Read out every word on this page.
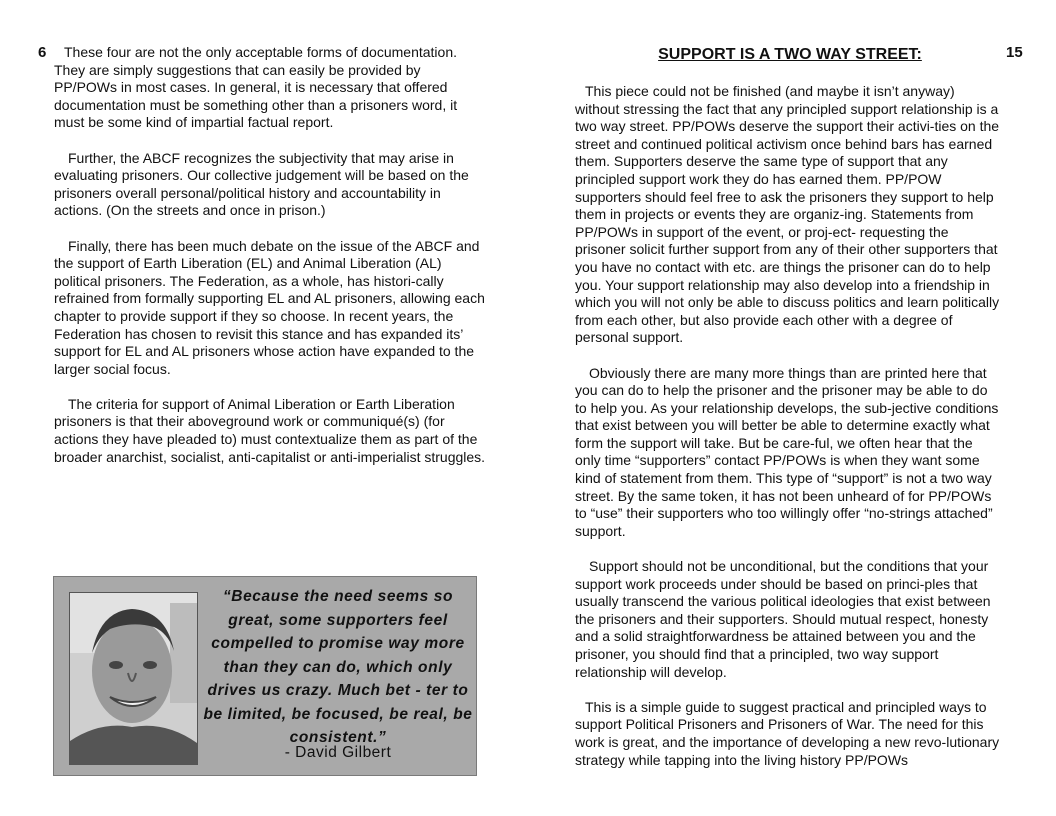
6	These four are not the only acceptable forms of documentation. They are simply suggestions that can easily be provided by PP/POWs in most cases. In general, it is necessary that offered documentation must be something other than a prisoners word, it must be some kind of impartial factual report.

Further, the ABCF recognizes the subjectivity that may arise in evaluating prisoners. Our collective judgement will be based on the prisoners overall personal/political history and accountability in actions. (On the streets and once in prison.)

Finally, there has been much debate on the issue of the ABCF and the support of Earth Liberation (EL) and Animal Liberation (AL) political prisoners. The Federation, as a whole, has histori-cally refrained from formally supporting EL and AL prisoners, allowing each chapter to provide support if they so choose. In recent years, the Federation has chosen to revisit this stance and has expanded its’ support for EL and AL prisoners whose action have expanded to the larger social focus.

The criteria for support of Animal Liberation or Earth Liberation prisoners is that their aboveground work or communiqué(s) (for actions they have pleaded to) must contextualize them as part of the broader anarchist, socialist, anti-capitalist or anti-imperialist struggles.

“Because the need seems so great, some supporters feel compelled to promise way more than they can do, which only drives us crazy. Much bet - ter to be limited, be focused, be real, be consistent.”
- David Gilbert
SUPPORT IS A TWO WAY STREET:	15

This piece could not be finished (and maybe it isn’t anyway) without stressing the fact that any principled support relationship is a two way street. PP/POWs deserve the support their activi-ties on the street and continued political activism once behind bars has earned them. Supporters deserve the same type of support that any principled support work they do has earned them. PP/POW supporters should feel free to ask the prisoners they support to help them in projects or events they are organiz-ing. Statements from PP/POWs in support of the event, or proj-ect- requesting the prisoner solicit further support from any of their other supporters that you have no contact with etc. are things the prisoner can do to help you. Your support relationship may also develop into a friendship in which you will not only be able to discuss politics and learn politically from each other, but also provide each other with a degree of personal support.

Obviously there are many more things than are printed here that you can do to help the prisoner and the prisoner may be able to do to help you. As your relationship develops, the sub-jective conditions that exist between you will better be able to determine exactly what form the support will take. But be care-ful, we often hear that the only time “supporters” contact PP/POWs is when they want some kind of statement from them. This type of “support” is not a two way street. By the same token, it has not been unheard of for PP/POWs to “use” their supporters who too willingly offer “no-strings attached” support.

Support should not be unconditional, but the conditions that your support work proceeds under should be based on princi-ples that usually transcend the various political ideologies that exist between the prisoners and their supporters. Should mutual respect, honesty and a solid straightforwardness be attained between you and the prisoner, you should find that a principled, two way support relationship will develop.

This is a simple guide to suggest practical and principled ways to support Political Prisoners and Prisoners of War. The need for this work is great, and the importance of developing a new revo-lutionary strategy while tapping into the living history PP/POWs
